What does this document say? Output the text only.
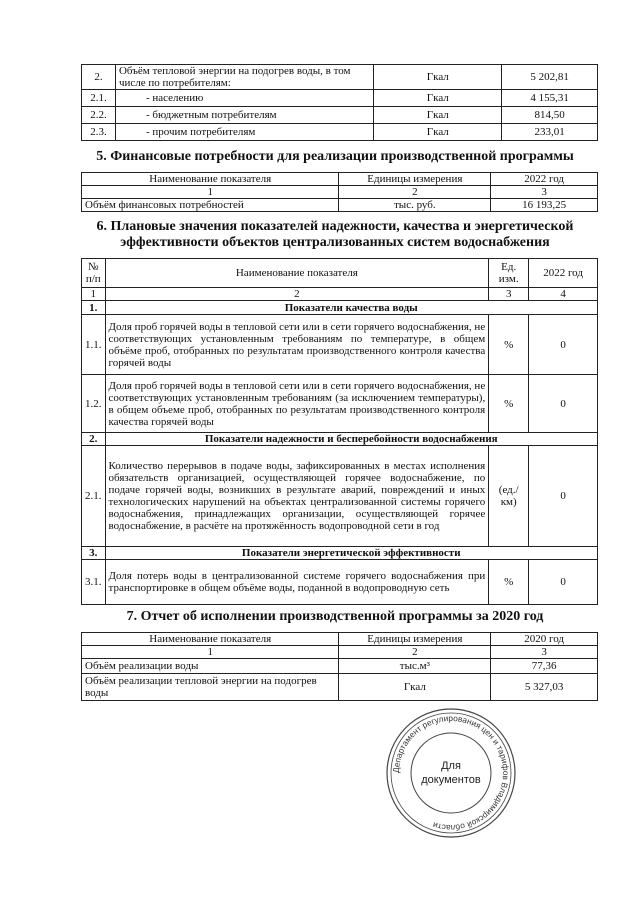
2.	Объём тепловой энергии на подогрев воды, в том числе по потребителям:	Гкал	5 202,81
2.1.	- населению	Гкал	4 155,31
2.2.	- бюджетным потребителям	Гкал	814,50
2.3.	- прочим потребителям	Гкал	233,01
5. Финансовые потребности для реализации производственной программы
Наименование показателя	Единицы измерения	2022 год
1	2	3
Объём финансовых потребностей	тыс. руб.	16 193,25
6. Плановые значения показателей надежности, качества и энергетической
эффективности объектов централизованных систем водоснабжения
№ п/п	Наименование показателя	Ед. изм.	2022 год
1	2	3	4
1.	Показатели качества воды		
1.1.	Доля проб горячей воды в тепловой сети или в сети горячего водоснабжения, не соответствующих установленным требованиям по температуре, в общем объёме проб, отобранных по результатам производственного контроля качества горячей воды	%	0
1.2.	Доля проб горячей воды в тепловой сети или в сети горячего водоснабжения, не соответствующих установленным требованиям (за исключением температуры), в общем объеме проб, отобранных по результатам производственного контроля качества горячей воды	%	0
2.	Показатели надежности и бесперебойности водоснабжения		
2.1.	Количество перерывов в подаче воды, зафиксированных в местах исполнения обязательств организацией, осуществляющей горячее водоснабжение, по подаче горячей воды, возникших в результате аварий, повреждений и иных технологических нарушений на объектах централизованной системы горячего водоснабжения, принадлежащих организации, осуществляющей горячее водоснабжение, в расчёте на протяжённость водопроводной сети в год	(ед./км)	0
3.	Показатели энергетической эффективности		
3.1.	Доля потерь воды в централизованной системе горячего водоснабжения при транспортировке в общем объёме воды, поданной в водопроводную сеть	%	0
7. Отчет об исполнении производственной программы за 2020 год
Наименование показателя	Единицы измерения	2020 год
1	2	3
Объём реализации воды	тыс.м³	77,36
Объём реализации тепловой энергии на подогрев воды	Гкал	5 327,03
Департамент регулирования цен и тарифов Владимирской области
Для
документов
